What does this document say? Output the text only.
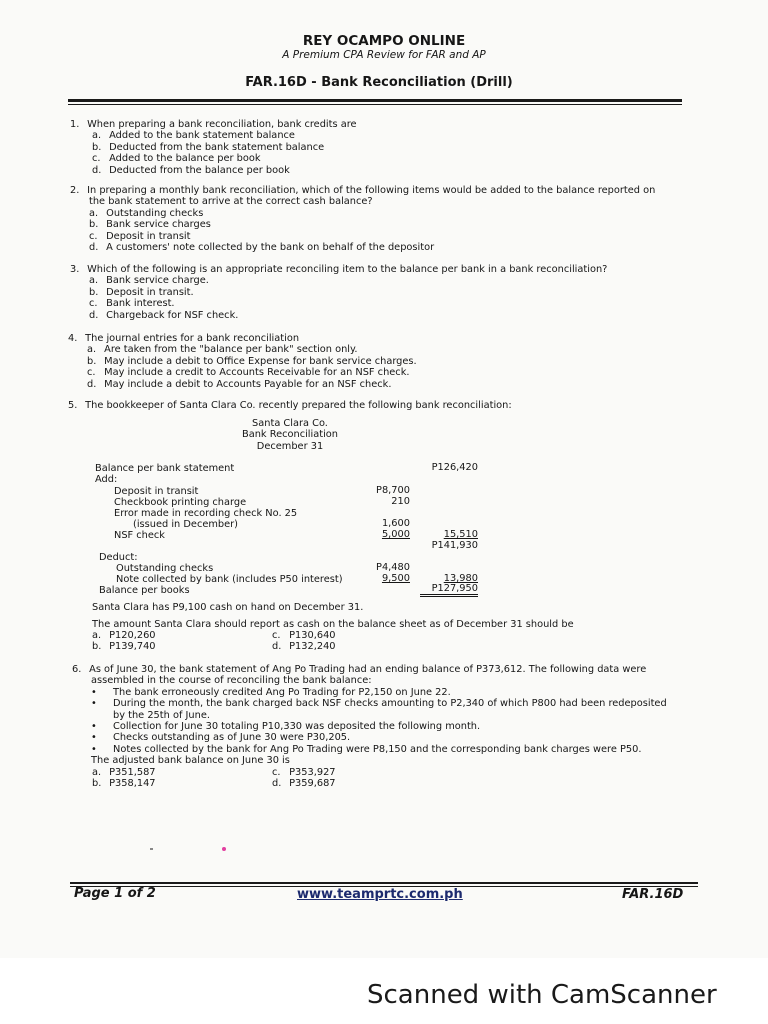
REY OCAMPO ONLINE
A Premium CPA Review for FAR and AP
FAR.16D - Bank Reconciliation (Drill)
1. When preparing a bank reconciliation, bank credits are
a. Added to the bank statement balance
b. Deducted from the bank statement balance
c. Added to the balance per book
d. Deducted from the balance per book
2. In preparing a monthly bank reconciliation, which of the following items would be added to the balance reported on
the bank statement to arrive at the correct cash balance?
a. Outstanding checks
b. Bank service charges
c. Deposit in transit
d. A customers' note collected by the bank on behalf of the depositor
3. Which of the following is an appropriate reconciling item to the balance per bank in a bank reconciliation?
a. Bank service charge.
b. Deposit in transit.
c. Bank interest.
d. Chargeback for NSF check.
4. The journal entries for a bank reconciliation
a. Are taken from the "balance per bank" section only.
b. May include a debit to Office Expense for bank service charges.
c. May include a credit to Accounts Receivable for an NSF check.
d. May include a debit to Accounts Payable for an NSF check.
5. The bookkeeper of Santa Clara Co. recently prepared the following bank reconciliation:
Santa Clara Co.
Bank Reconciliation
December 31
Balance per bank statement	P126,420
Add:
Deposit in transit	P8,700
Checkbook printing charge	210
Error made in recording check No. 25
(issued in December)	1,600
NSF check	5,000	15,510
P141,930
Deduct:
Outstanding checks	P4,480
Note collected by bank (includes P50 interest)	9,500	13,980
Balance per books	P127,950
Santa Clara has P9,100 cash on hand on December 31.
The amount Santa Clara should report as cash on the balance sheet as of December 31 should be
a. P120,260
b. P139,740
c. P130,640
d. P132,240
6. As of June 30, the bank statement of Ang Po Trading had an ending balance of P373,612. The following data were
assembled in the course of reconciling the bank balance:
• The bank erroneously credited Ang Po Trading for P2,150 on June 22.
• During the month, the bank charged back NSF checks amounting to P2,340 of which P800 had been redeposited
by the 25th of June.
• Collection for June 30 totaling P10,330 was deposited the following month.
• Checks outstanding as of June 30 were P30,205.
• Notes collected by the bank for Ang Po Trading were P8,150 and the corresponding bank charges were P50.
The adjusted bank balance on June 30 is
a. P351,587
b. P358,147
c. P353,927
d. P359,687
Page 1 of 2	www.teamprtc.com.ph	FAR.16D
Scanned with CamScanner
